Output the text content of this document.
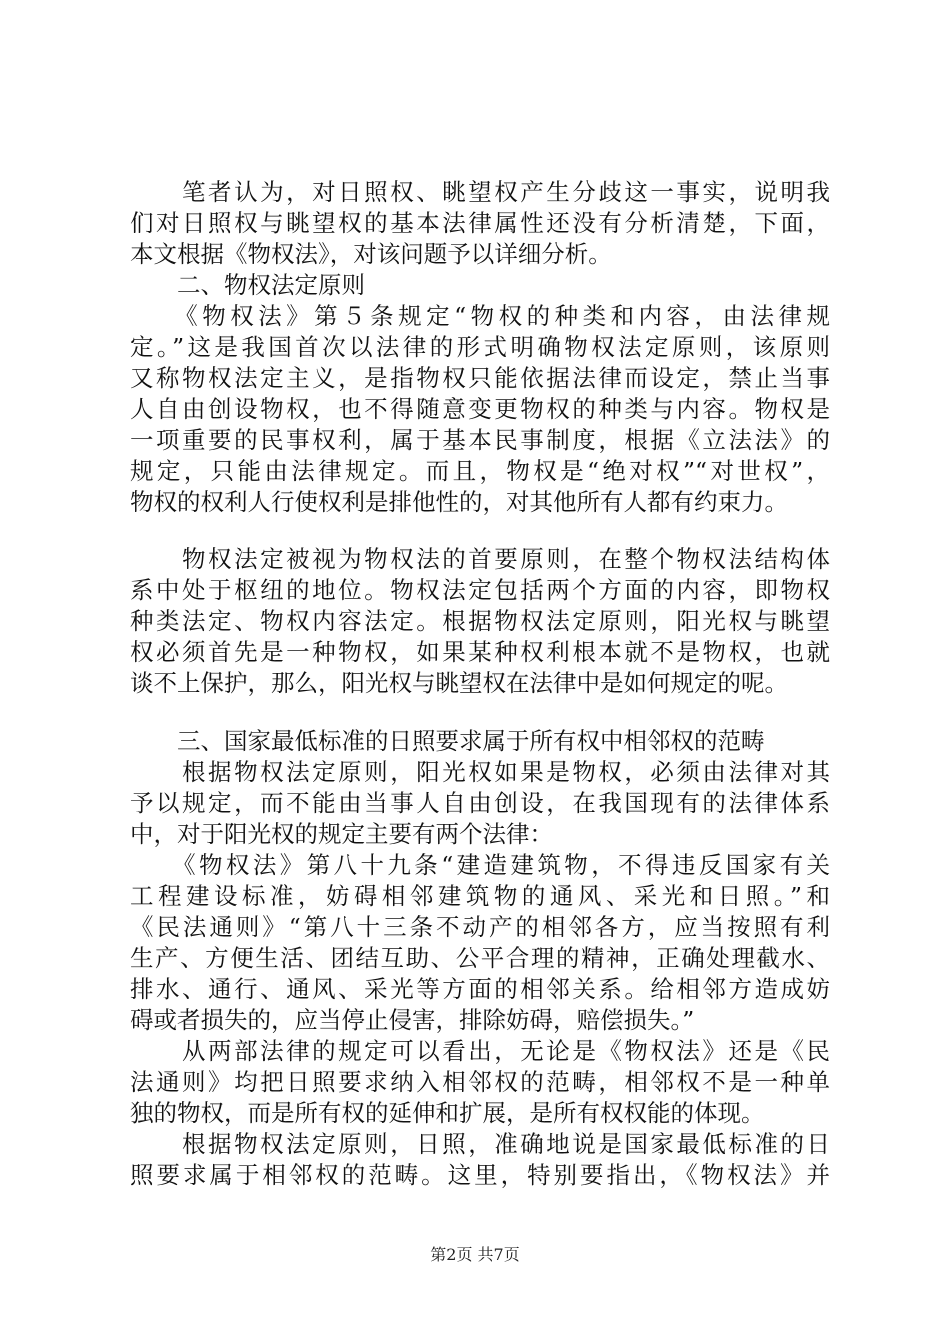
　　笔者认为，对日照权、眺望权产生分歧这一事实，说明我
们对日照权与眺望权的基本法律属性还没有分析清楚，下面，
本文根据《物权法》，对该问题予以详细分析。
　　二、物权法定原则
　　《物权法》第５条规定“物权的种类和内容，由法律规
定。”这是我国首次以法律的形式明确物权法定原则，该原则
又称物权法定主义，是指物权只能依据法律而设定，禁止当事
人自由创设物权，也不得随意变更物权的种类与内容。物权是
一项重要的民事权利，属于基本民事制度，根据《立法法》的
规定，只能由法律规定。而且，物权是“绝对权”“对世权”，
物权的权利人行使权利是排他性的，对其他所有人都有约束力。
　　物权法定被视为物权法的首要原则，在整个物权法结构体
系中处于枢纽的地位。物权法定包括两个方面的内容，即物权
种类法定、物权内容法定。根据物权法定原则，阳光权与眺望
权必须首先是一种物权，如果某种权利根本就不是物权，也就
谈不上保护，那么，阳光权与眺望权在法律中是如何规定的呢。
　　三、国家最低标准的日照要求属于所有权中相邻权的范畴
　　根据物权法定原则，阳光权如果是物权，必须由法律对其
予以规定，而不能由当事人自由创设，在我国现有的法律体系
中，对于阳光权的规定主要有两个法律：
　　《物权法》第八十九条“建造建筑物，不得违反国家有关
工程建设标准，妨碍相邻建筑物的通风、采光和日照。”和
《民法通则》“第八十三条不动产的相邻各方，应当按照有利
生产、方便生活、团结互助、公平合理的精神，正确处理截水、
排水、通行、通风、采光等方面的相邻关系。给相邻方造成妨
碍或者损失的，应当停止侵害，排除妨碍，赔偿损失。”
　　从两部法律的规定可以看出，无论是《物权法》还是《民
法通则》均把日照要求纳入相邻权的范畴，相邻权不是一种单
独的物权，而是所有权的延伸和扩展，是所有权权能的体现。
　　根据物权法定原则，日照，准确地说是国家最低标准的日
照要求属于相邻权的范畴。这里，特别要指出，《物权法》并
第2页 共7页
